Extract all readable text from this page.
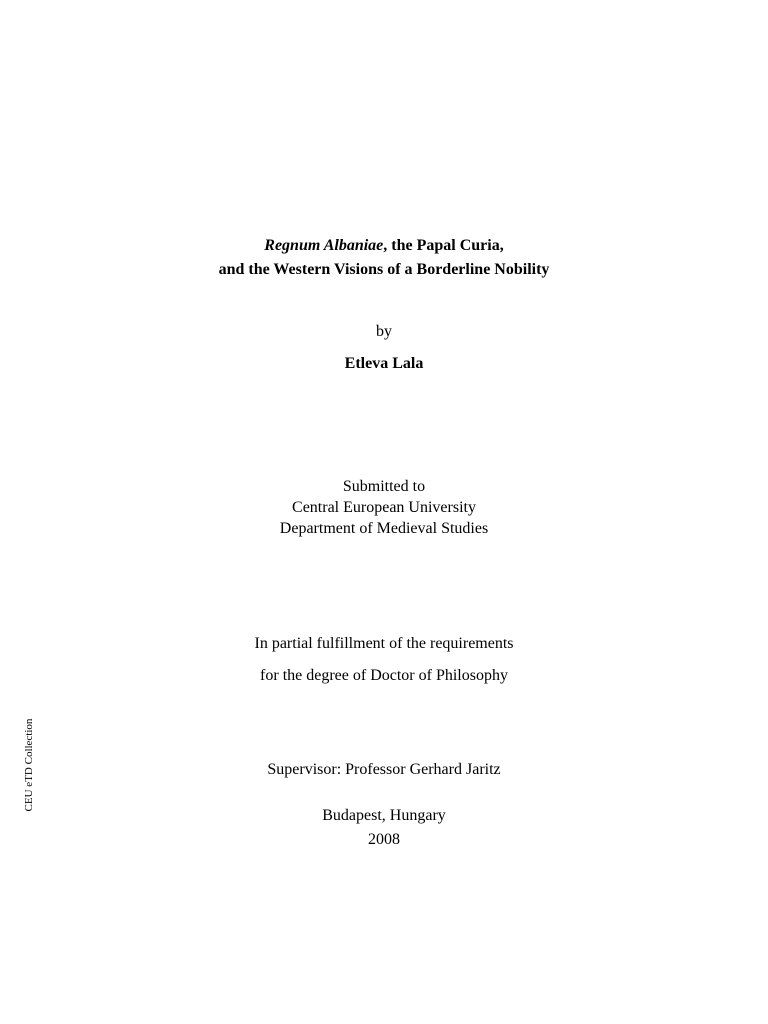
Regnum Albaniae, the Papal Curia,
and the Western Visions of a Borderline Nobility
by
Etleva Lala
Submitted to
Central European University
Department of Medieval Studies
In partial fulfillment of the requirements
for the degree of Doctor of Philosophy
Supervisor: Professor Gerhard Jaritz
Budapest, Hungary
2008
CEU eTD Collection
